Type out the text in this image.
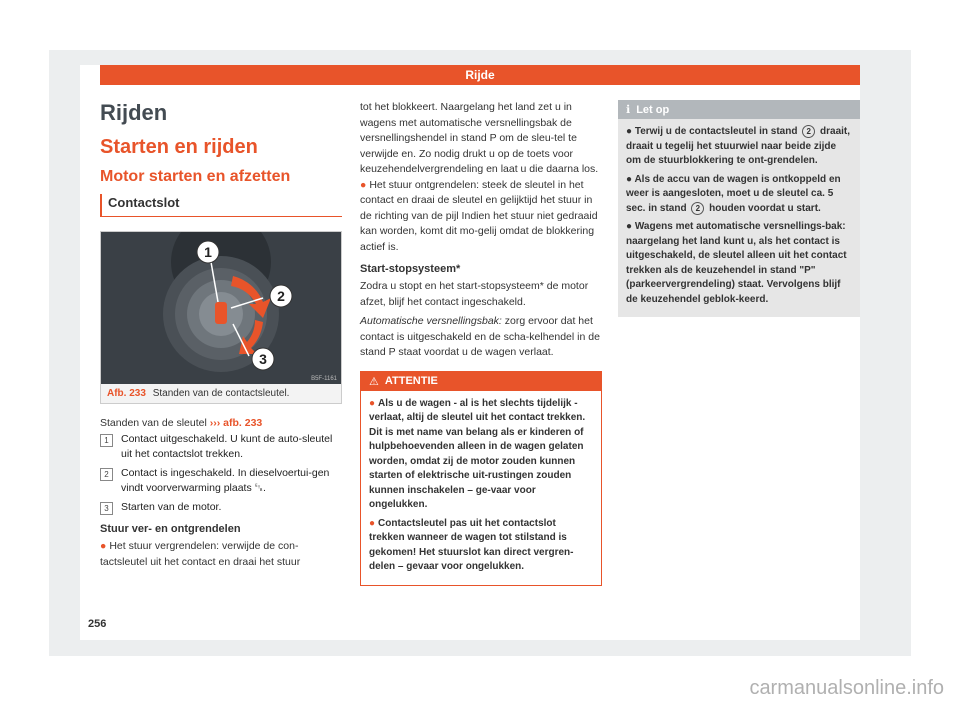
Rijde
Rijden
Starten en rijden
Motor starten en afzetten
Contactslot
1
2
3
B5F-1161
Afb. 233 Standen van de contactsleutel.
Standen van de sleutel ››› afb. 233
1	Contact uitgeschakeld. U kunt de auto-sleutel uit het contactslot trekken.
2	Contact is ingeschakeld. In dieselvoertui-gen vindt voorverwarming plaats ␗.
3	Starten van de motor.
Stuur ver- en ontgrendelen
● Het stuur vergrendelen: verwijde de con-tactsleutel uit het contact en draai het stuur

tot het blokkeert. Naargelang het land zet u in wagens met automatische versnellingsbak de versnellingshendel in stand P om de sleu-tel te verwijde en. Zo nodig drukt u op de toets voor keuzehendelvergrendeling en laat u die daarna los.

● Het stuur ontgrendelen: steek de sleutel in het contact en draai de sleutel en gelijktijd het stuur in de richting van de pijl Indien het stuur niet gedraaid kan worden, komt dit mo-gelij omdat de blokkering actief is.

Start-stopsysteem*

Zodra u stopt en het start-stopsysteem* de motor afzet, blijf het contact ingeschakeld.

Automatische versnellingsbak: zorg ervoor dat het contact is uitgeschakeld en de scha-kelhendel in de stand P staat voordat u de wagen verlaat.

⚠ ATTENTIE

● Als u de wagen - al is het slechts tijdelijk - verlaat, altij de sleutel uit het contact trekken. Dit is met name van belang als er kinderen of hulpbehoevenden alleen in de wagen gelaten worden, omdat zij de motor zouden kunnen starten of elektrische uit-rustingen zouden kunnen inschakelen – ge-vaar voor ongelukken.

● Contactsleutel pas uit het contactslot trekken wanneer de wagen tot stilstand is gekomen! Het stuurslot kan direct vergren-delen – gevaar voor ongelukken.

ℹ Let op

● Terwij u de contactsleutel in stand 2 draait, draait u tegelij het stuurwiel naar beide zijde om de stuurblokkering te ont-grendelen.

● Als de accu van de wagen is ontkoppeld en weer is aangesloten, moet u de sleutel ca. 5 sec. in stand 2 houden voordat u start.

● Wagens met automatische versnellings-bak: naargelang het land kunt u, als het contact is uitgeschakeld, de sleutel alleen uit het contact trekken als de keuzehendel in stand "P" (parkeervergrendeling) staat. Vervolgens blijf de keuzehendel geblok-keerd.

256
carmanualsonline.info
